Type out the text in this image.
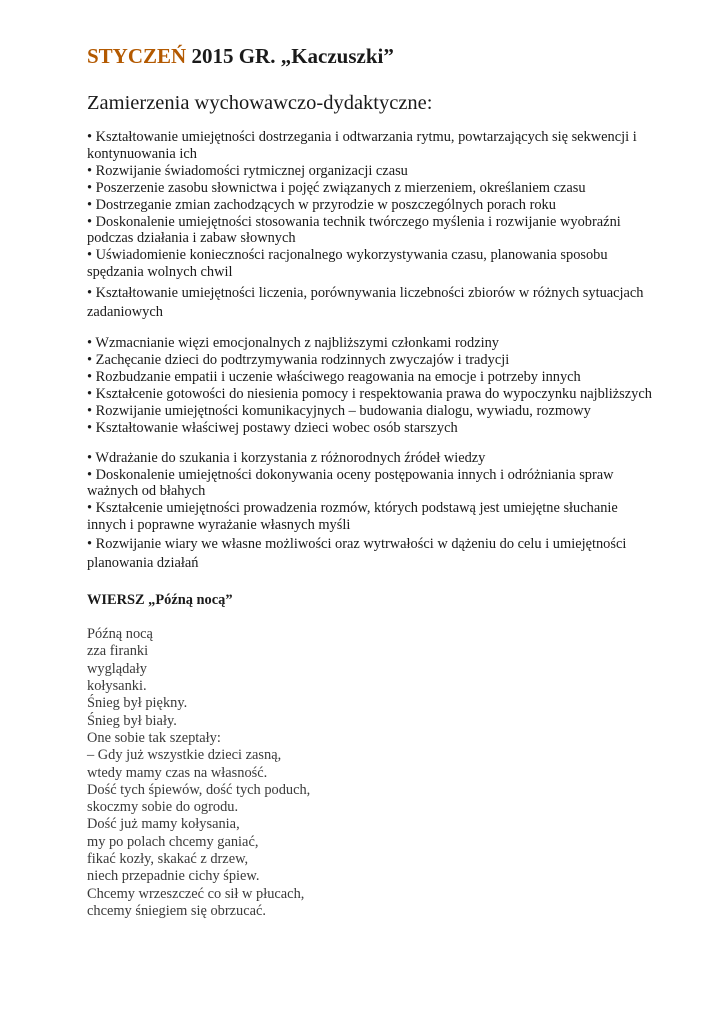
STYCZEŃ 2015 GR. „Kaczuszki”
Zamierzenia wychowawczo-dydaktyczne:
• Kształtowanie umiejętności dostrzegania i odtwarzania rytmu, powtarzających się sekwencji i kontynuowania ich
• Rozwijanie świadomości rytmicznej organizacji czasu
• Poszerzenie zasobu słownictwa i pojęć związanych z mierzeniem, określaniem czasu
• Dostrzeganie zmian zachodzących w przyrodzie w poszczególnych porach roku
• Doskonalenie umiejętności stosowania technik twórczego myślenia i rozwijanie wyobraźni podczas działania i zabaw słownych
• Uświadomienie konieczności racjonalnego wykorzystywania czasu, planowania sposobu spędzania wolnych chwil
• Kształtowanie umiejętności liczenia, porównywania liczebności zbiorów w różnych sytuacjach zadaniowych
• Wzmacnianie więzi emocjonalnych z najbliższymi członkami rodziny
• Zachęcanie dzieci do podtrzymywania rodzinnych zwyczajów i tradycji
• Rozbudzanie empatii i uczenie właściwego reagowania na emocje i potrzeby innych
• Kształcenie gotowości do niesienia pomocy i respektowania prawa do wypoczynku najbliższych
• Rozwijanie umiejętności komunikacyjnych – budowania dialogu, wywiadu, rozmowy
• Kształtowanie właściwej postawy dzieci wobec osób starszych
• Wdrażanie do szukania i korzystania z różnorodnych źródeł wiedzy
• Doskonalenie umiejętności dokonywania oceny postępowania innych i odróżniania spraw ważnych od błahych
• Kształcenie umiejętności prowadzenia rozmów, których podstawą jest umiejętne słuchanie innych i poprawne wyrażanie własnych myśli
• Rozwijanie wiary we własne możliwości oraz wytrwałości w dążeniu do celu i umiejętności planowania działań
WIERSZ „Późną nocą”
Późną nocą
zza firanki
wyglądały
kołysanki.
Śnieg był piękny.
Śnieg był biały.
One sobie tak szeptały:
– Gdy już wszystkie dzieci zasną,
wtedy mamy czas na własność.
Dość tych śpiewów, dość tych poduch,
skoczmy sobie do ogrodu.
Dość już mamy kołysania,
my po polach chcemy ganiać,
fikać kozły, skakać z drzew,
niech przepadnie cichy śpiew.
Chcemy wrzeszczeć co sił w płucach,
chcemy śniegiem się obrzucać.
